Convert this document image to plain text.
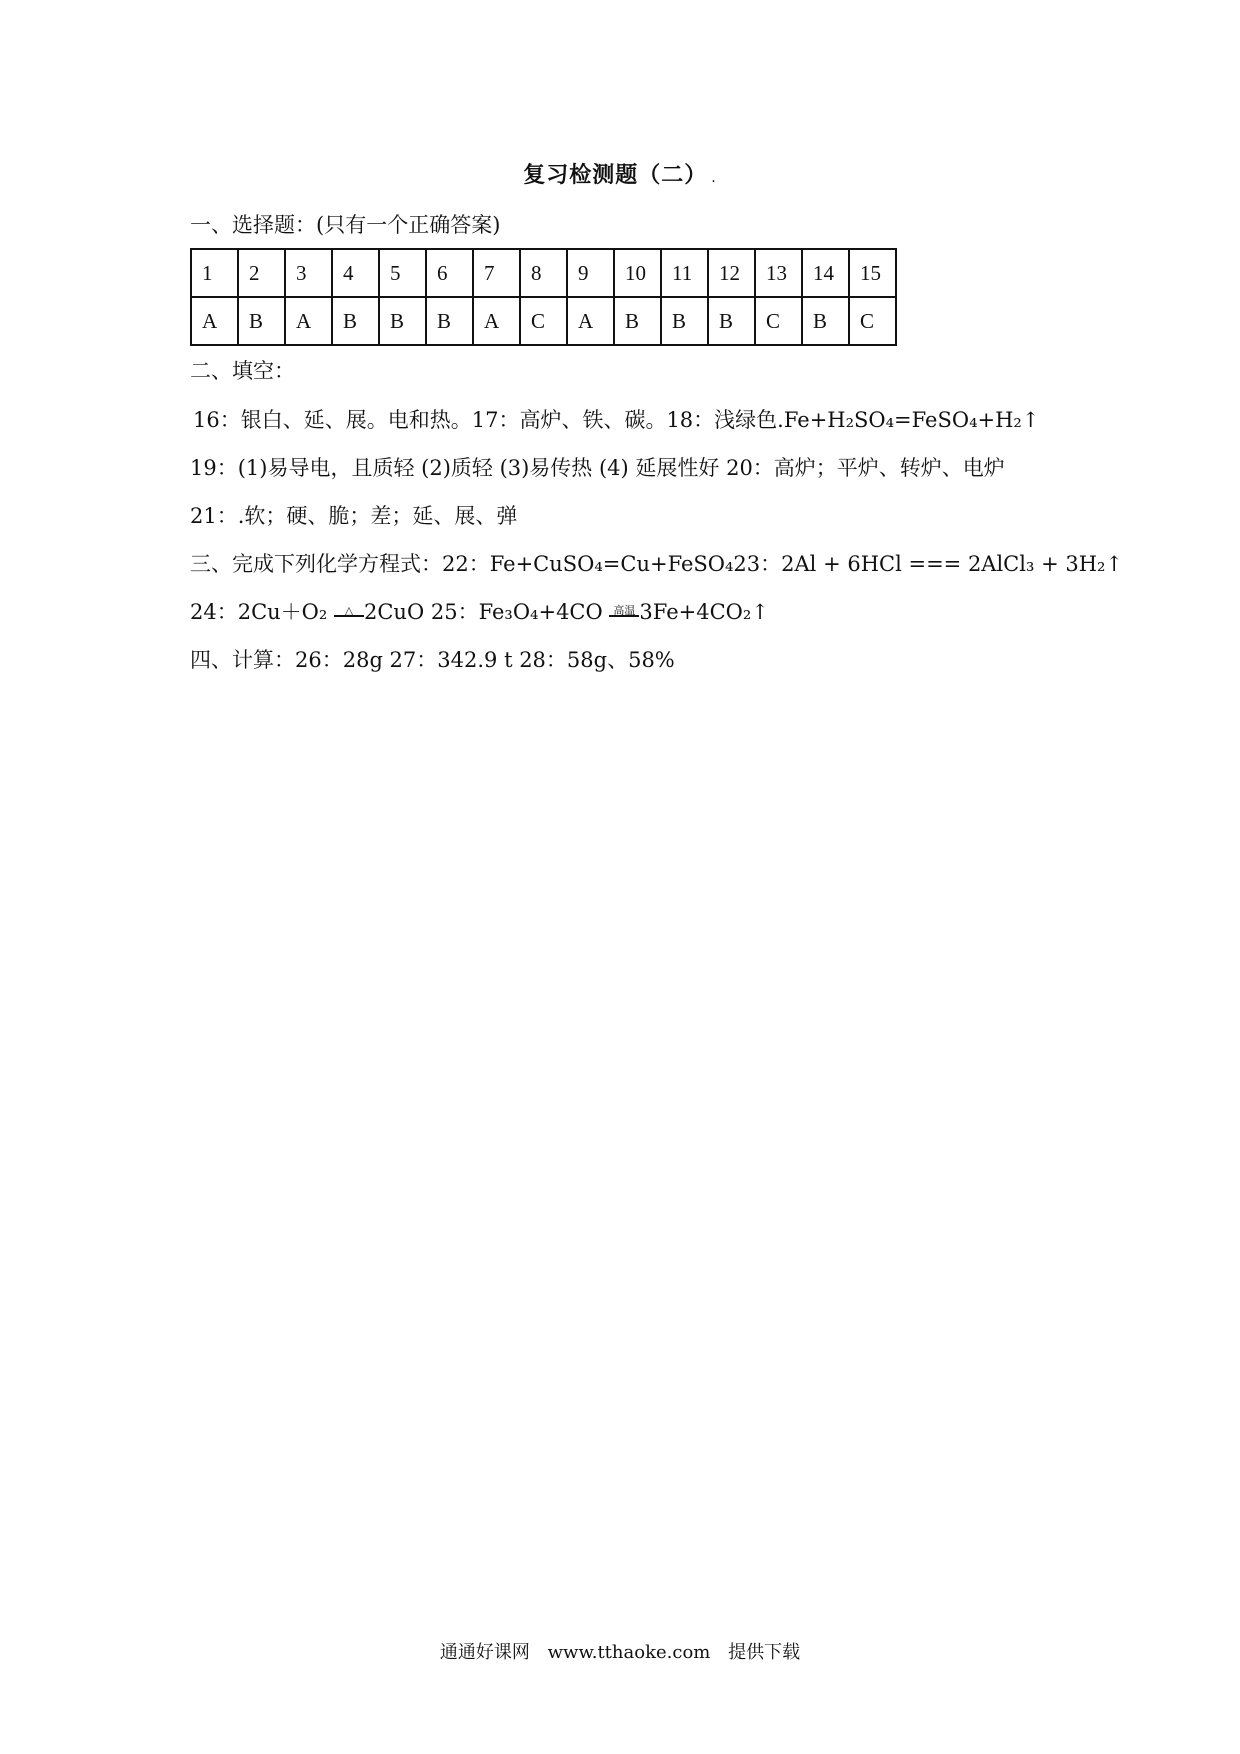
复习检测题（二） .
一、选择题：(只有一个正确答案)
1	2	3	4	5	6	7	8	9	10	11	12	13	14	15
A	B	A	B	B	B	A	C	A	B	B	B	C	B	C
二、填空：
16：银白、延、展。电和热。17：高炉、铁、碳。18：浅绿色.Fe+H₂SO₄=FeSO₄+H₂↑
19：(1)易导电，且质轻 (2)质轻 (3)易传热 (4) 延展性好 20：高炉；平炉、转炉、电炉
21：.软；硬、脆；差；延、展、弹
三、完成下列化学方程式：22：Fe+CuSO₄=Cu+FeSO₄23：2Al + 6HCl === 2AlCl₃ + 3H₂↑
24：2Cu＋O₂	△ 2CuO 25：Fe₃O₄+4CO 高温 3Fe+4CO₂↑
四、计算：26：28g 27：342.9 t 28：58g、58%
通通好课网 www.tthaoke.com 提供下载
